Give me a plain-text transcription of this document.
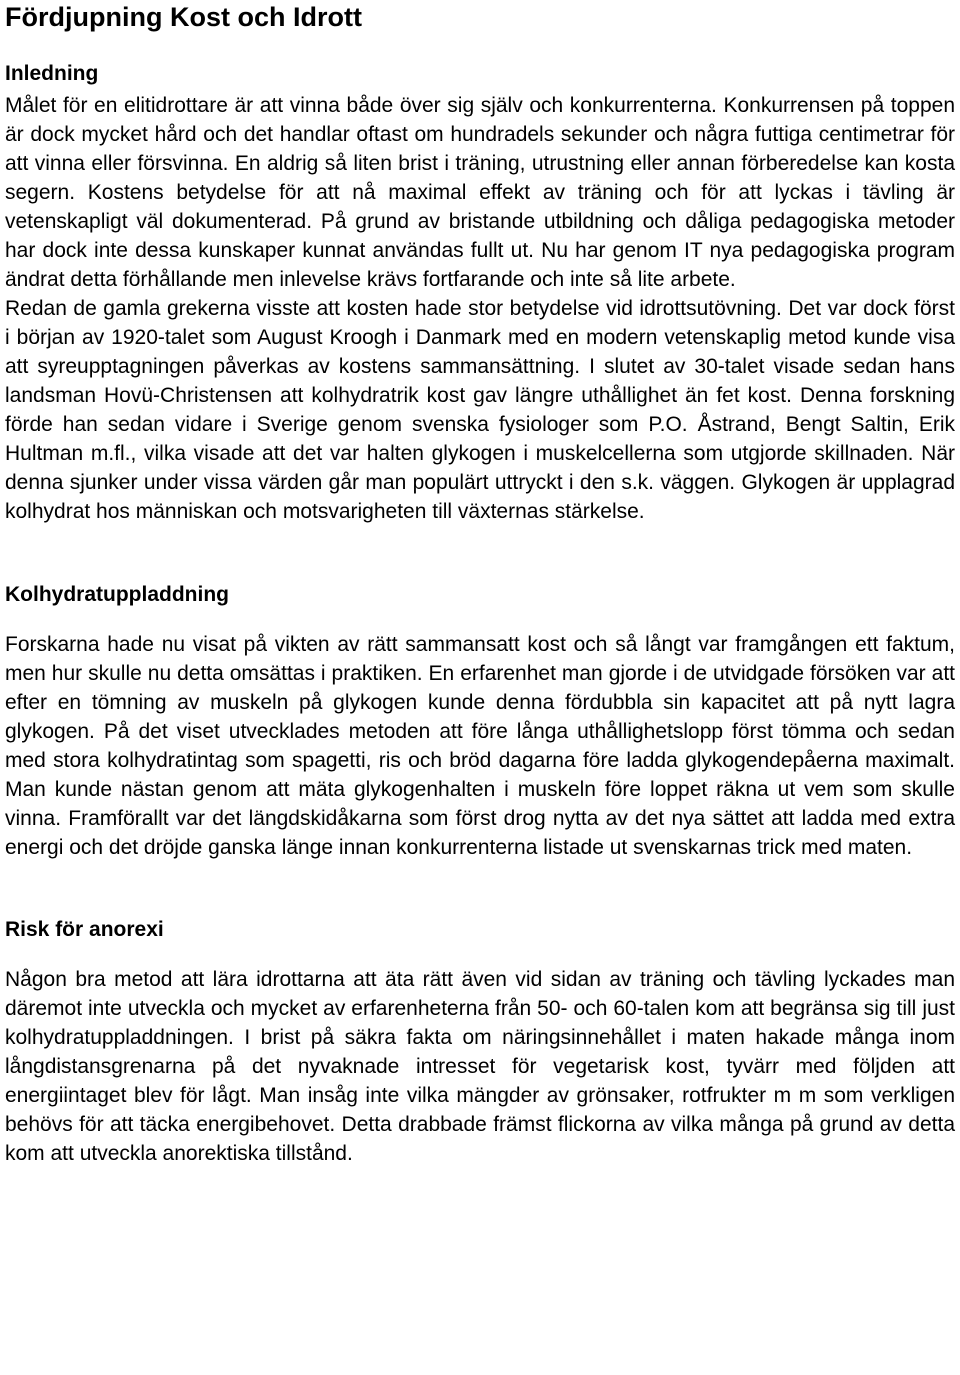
Fördjupning Kost och Idrott
Inledning

Målet för en elitidrottare är att vinna både över sig själv och konkurrenterna. Konkurrensen på toppen är dock mycket hård och det handlar oftast om hundradels sekunder och några futtiga centimetrar för att vinna eller försvinna. En aldrig så liten brist i träning, utrustning eller annan förberedelse kan kosta segern. Kostens betydelse för att nå maximal effekt av träning och för att lyckas i tävling är vetenskapligt väl dokumenterad. På grund av bristande utbildning och dåliga pedagogiska metoder har dock inte dessa kunskaper kunnat användas fullt ut. Nu har genom IT nya pedagogiska program ändrat detta förhållande men inlevelse krävs fortfarande och inte så lite arbete.

Redan de gamla grekerna visste att kosten hade stor betydelse vid idrottsutövning. Det var dock först i början av 1920-talet som August Kroogh i Danmark med en modern vetenskaplig metod kunde visa att syreupptagningen påverkas av kostens sammansättning. I slutet av 30-talet visade sedan hans landsman Hovü-Christensen att kolhydratrik kost gav längre uthållighet än fet kost. Denna forskning förde han sedan vidare i Sverige genom svenska fysiologer som P.O. Åstrand, Bengt Saltin, Erik Hultman m.fl., vilka visade att det var halten glykogen i muskelcellerna som utgjorde skillnaden. När denna sjunker under vissa värden går man populärt uttryckt i den s.k. väggen. Glykogen är upplagrad kolhydrat hos människan och motsvarigheten till växternas stärkelse.

Kolhydratuppladdning

Forskarna hade nu visat på vikten av rätt sammansatt kost och så långt var framgången ett faktum, men hur skulle nu detta omsättas i praktiken. En erfarenhet man gjorde i de utvidgade försöken var att efter en tömning av muskeln på glykogen kunde denna fördubbla sin kapacitet att på nytt lagra glykogen. På det viset utvecklades metoden att före långa uthållighetslopp först tömma och sedan med stora kolhydratintag som spagetti, ris och bröd dagarna före ladda glykogendepåerna maximalt. Man kunde nästan genom att mäta glykogenhalten i muskeln före loppet räkna ut vem som skulle vinna. Framförallt var det längdskidåkarna som först drog nytta av det nya sättet att ladda med extra energi och det dröjde ganska länge innan konkurrenterna listade ut svenskarnas trick med maten.

Risk för anorexi

Någon bra metod att lära idrottarna att äta rätt även vid sidan av träning och tävling lyckades man däremot inte utveckla och mycket av erfarenheterna från 50- och 60-talen kom att begränsa sig till just kolhydratuppladdningen. I brist på säkra fakta om näringsinnehållet i maten hakade många inom långdistansgrenarna på det nyvaknade intresset för vegetarisk kost, tyvärr med följden att energiintaget blev för lågt. Man insåg inte vilka mängder av grönsaker, rotfrukter m m som verkligen behövs för att täcka energibehovet. Detta drabbade främst flickorna av vilka många på grund av detta kom att utveckla anorektiska tillstånd.
